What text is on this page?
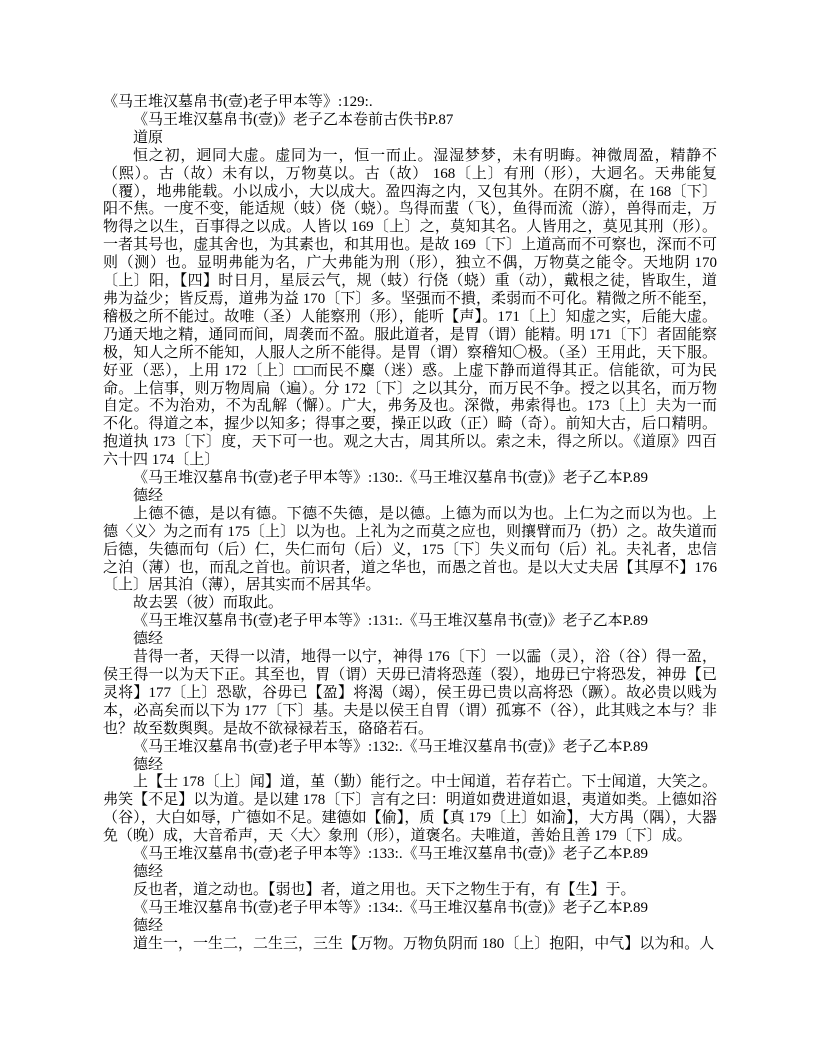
《马王堆汉墓帛书(壹)老子甲本等》:129:.

《马王堆汉墓帛书(壹)》老子乙本卷前古佚书P.87

道原

恒之初，迵同大虚。虚同为一，恒一而止。湿湿梦梦，未有明晦。神微周盈，精静不（熙）。古（故）未有以，万物莫以。古（故） 168〔上〕有刑（形），大迵名。天弗能复（覆），地弗能载。小以成小，大以成大。盈四海之内，又包其外。在阴不腐，在 168〔下〕阳不焦。一度不变，能适规（蚑）侥（蛲）。鸟得而蜚（飞），鱼得而流（游），兽得而走，万物得之以生，百事得之以成。人皆以 169〔上〕之，莫知其名。人皆用之，莫见其刑（形）。一者其号也，虚其舍也，为其素也，和其用也。是故 169〔下〕上道高而不可察也，深而不可则（测）也。显明弗能为名，广大弗能为刑（形），独立不偶，万物莫之能令。天地阴 170〔上〕阳，【四】时日月，星辰云气，规（蚑）行侥（蛲）重（动），戴根之徒，皆取生，道弗为益少；皆反焉，道弗为益 170〔下〕多。坚强而不撌，柔弱而不可化。精微之所不能至，稽极之所不能过。故唯（圣）人能察刑（形），能听【声】。171〔上〕知虚之实，后能大虚。乃通天地之精，通同而间，周袭而不盈。服此道者，是胃（谓）能精。明 171〔下〕者固能察极，知人之所不能知，人服人之所不能得。是胃（谓）察稽知〇极。（圣）王用此，天下服。好亚（恶），上用 172〔上〕□□而民不麋（迷）惑。上虚下静而道得其正。信能欲，可为民命。上信事，则万物周扁（遍）。分 172〔下〕之以其分，而万民不争。授之以其名，而万物自定。不为治劝，不为乱解（懈）。广大，弗务及也。深微，弗索得也。173〔上〕夫为一而不化。得道之本，握少以知多；得事之要，操正以政（正）畸（奇）。前知大古，后口精明。抱道执 173〔下〕度，天下可一也。观之大古，周其所以。索之未，得之所以。《道原》四百六十四 174〔上〕

《马王堆汉墓帛书(壹)老子甲本等》:130:.《马王堆汉墓帛书(壹)》老子乙本P.89

德经

上德不德，是以有德。下德不失德，是以德。上德为而以为也。上仁为之而以为也。上德〈义〉为之而有 175〔上〕以为也。上礼为之而莫之应也，则攘臂而乃（扔）之。故失道而后德，失德而句（后）仁，失仁而句（后）义，175〔下〕失义而句（后）礼。夫礼者，忠信之泊（薄）也，而乱之首也。前识者，道之华也，而愚之首也。是以大丈夫居【其厚不】176〔上〕居其泊（薄），居其实而不居其华。

故去罢（彼）而取此。

《马王堆汉墓帛书(壹)老子甲本等》:131:.《马王堆汉墓帛书(壹)》老子乙本P.89

德经

昔得一者，天得一以清，地得一以宁，神得 176〔下〕一以霝（灵），浴（谷）得一盈，侯王得一以为天下正。其至也，胃（谓）天毋已清将恐莲（裂），地毋已宁将恐发，神毋【已灵将】177〔上〕恐歇，谷毋已【盈】将渴（竭），侯王毋已贵以高将恐（蹶）。故必贵以贱为本，必高矣而以下为 177〔下〕基。夫是以侯王自胃（谓）孤寡不（谷），此其贱之本与？非也？故至数舆舆。是故不欲禄禄若玉，硌硌若石。

《马王堆汉墓帛书(壹)老子甲本等》:132:.《马王堆汉墓帛书(壹)》老子乙本P.89

德经

上【士 178〔上〕闻】道，堇（勤）能行之。中士闻道，若存若亡。下士闻道，大笑之。弗笑【不足】以为道。是以建 178〔下〕言有之曰：明道如费进道如退，夷道如类。上德如浴（谷），大白如辱，广德如不足。建德如【偷】，质【真 179〔上〕如渝】，大方禺（隅），大器免（晚）成，大音希声，天〈大〉象刑（形），道褒名。夫唯道，善始且善 179〔下〕成。

《马王堆汉墓帛书(壹)老子甲本等》:133:.《马王堆汉墓帛书(壹)》老子乙本P.89

德经

反也者，道之动也。【弱也】者，道之用也。天下之物生于有，有【生】于。

《马王堆汉墓帛书(壹)老子甲本等》:134:.《马王堆汉墓帛书(壹)》老子乙本P.89

德经

道生一，一生二，二生三，三生【万物。万物负阴而 180〔上〕抱阳，中气】以为和。人
